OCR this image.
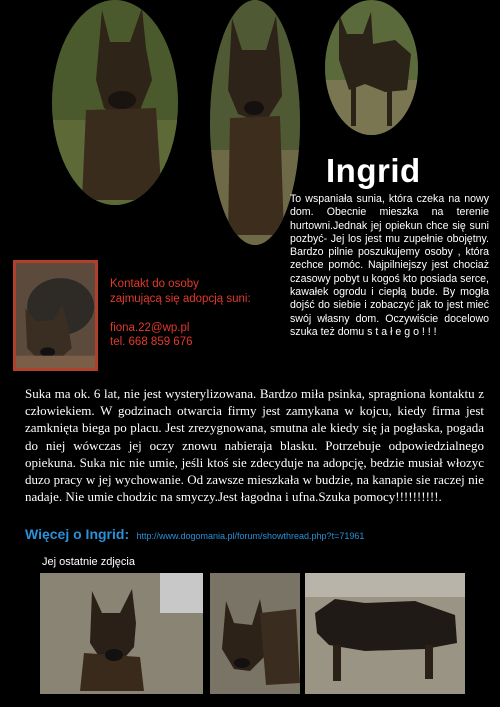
Ingrid
To wspaniała sunia, która czeka na nowy dom. Obecnie mieszka na terenie hurtowni.Jednak jej opiekun chce się suni pozbyć- Jej los jest mu zupełnie obojętny. Bardzo pilnie poszukujemy osoby , która zechce pomóc. Najpilniejszy jest chociaż czasowy pobyt u kogoś kto posiada serce, kawałek ogrodu i ciepłą bude. By mogła dojść do siebie i zobaczyć jak to jest mieć swój własny dom. Oczywiście docelowo szuka też domu s t a ł e g o ! ! !
Kontakt do osoby
zajmującą się adopcją suni:
fiona.22@wp.pl
tel. 668 859 676
Suka ma ok. 6 lat, nie jest wysterylizowana. Bardzo miła psinka, spragniona kontaktu z człowiekiem. W godzinach otwarcia firmy jest zamykana w kojcu, kiedy firma jest zamknięta biega po placu. Jest zrezygnowana, smutna ale kiedy się ja pogłaska, pogada do niej wówczas jej oczy znowu nabieraja blasku. Potrzebuje odpowiedzialnego opiekuna. Suka nic nie umie, jeśli ktoś sie zdecyduje na adopcję, bedzie musiał włozyc duzo pracy w jej wychowanie. Od zawsze mieszkała w budzie, na kanapie sie raczej nie nadaje. Nie umie chodzic na smyczy.Jest łagodna i ufna.Szuka pomocy!!!!!!!!!!.
Więcej o Ingrid: http://www.dogomania.pl/forum/showthread.php?t=71961
Jej ostatnie zdjęcia
